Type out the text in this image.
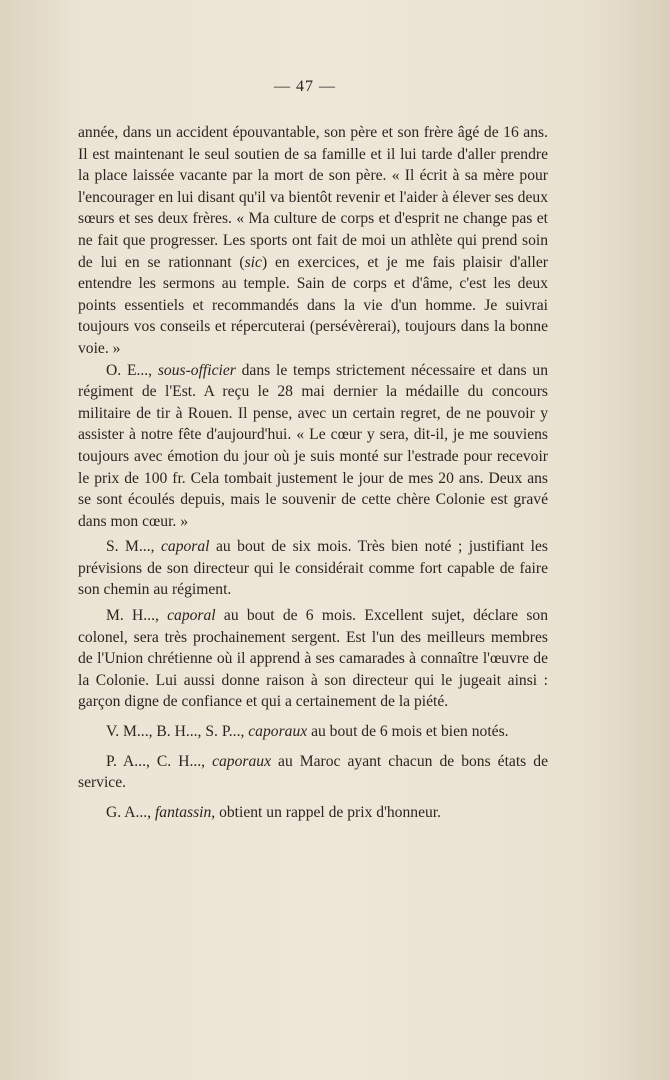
— 47 —

année, dans un accident épouvantable, son père et son frère âgé de 16 ans. Il est maintenant le seul soutien de sa famille et il lui tarde d'aller prendre la place laissée vacante par la mort de son père. « Il écrit à sa mère pour l'encourager en lui disant qu'il va bientôt revenir et l'aider à élever ses deux sœurs et ses deux frères. « Ma culture de corps et d'esprit ne change pas et ne fait que progresser. Les sports ont fait de moi un athlète qui prend soin de lui en se rationnant (sic) en exercices, et je me fais plaisir d'aller entendre les sermons au temple. Sain de corps et d'âme, c'est les deux points essentiels et recommandés dans la vie d'un homme. Je suivrai toujours vos conseils et répercuterai (persévèrerai), toujours dans la bonne voie. »

O. E..., sous-officier dans le temps strictement nécessaire et dans un régiment de l'Est. A reçu le 28 mai dernier la médaille du concours militaire de tir à Rouen. Il pense, avec un certain regret, de ne pouvoir y assister à notre fête d'aujourd'hui. « Le cœur y sera, dit-il, je me souviens toujours avec émotion du jour où je suis monté sur l'estrade pour recevoir le prix de 100 fr. Cela tombait justement le jour de mes 20 ans. Deux ans se sont écoulés depuis, mais le souvenir de cette chère Colonie est gravé dans mon cœur. »

S. M..., caporal au bout de six mois. Très bien noté ; justifiant les prévisions de son directeur qui le considérait comme fort capable de faire son chemin au régiment.

M. H..., caporal au bout de 6 mois. Excellent sujet, déclare son colonel, sera très prochainement sergent. Est l'un des meilleurs membres de l'Union chrétienne où il apprend à ses camarades à connaître l'œuvre de la Colonie. Lui aussi donne raison à son directeur qui le jugeait ainsi : garçon digne de confiance et qui a certainement de la piété.

V. M..., B. H..., S. P..., caporaux au bout de 6 mois et bien notés.

P. A..., C. H..., caporaux au Maroc ayant chacun de bons états de service.

G. A..., fantassin, obtient un rappel de prix d'honneur.
